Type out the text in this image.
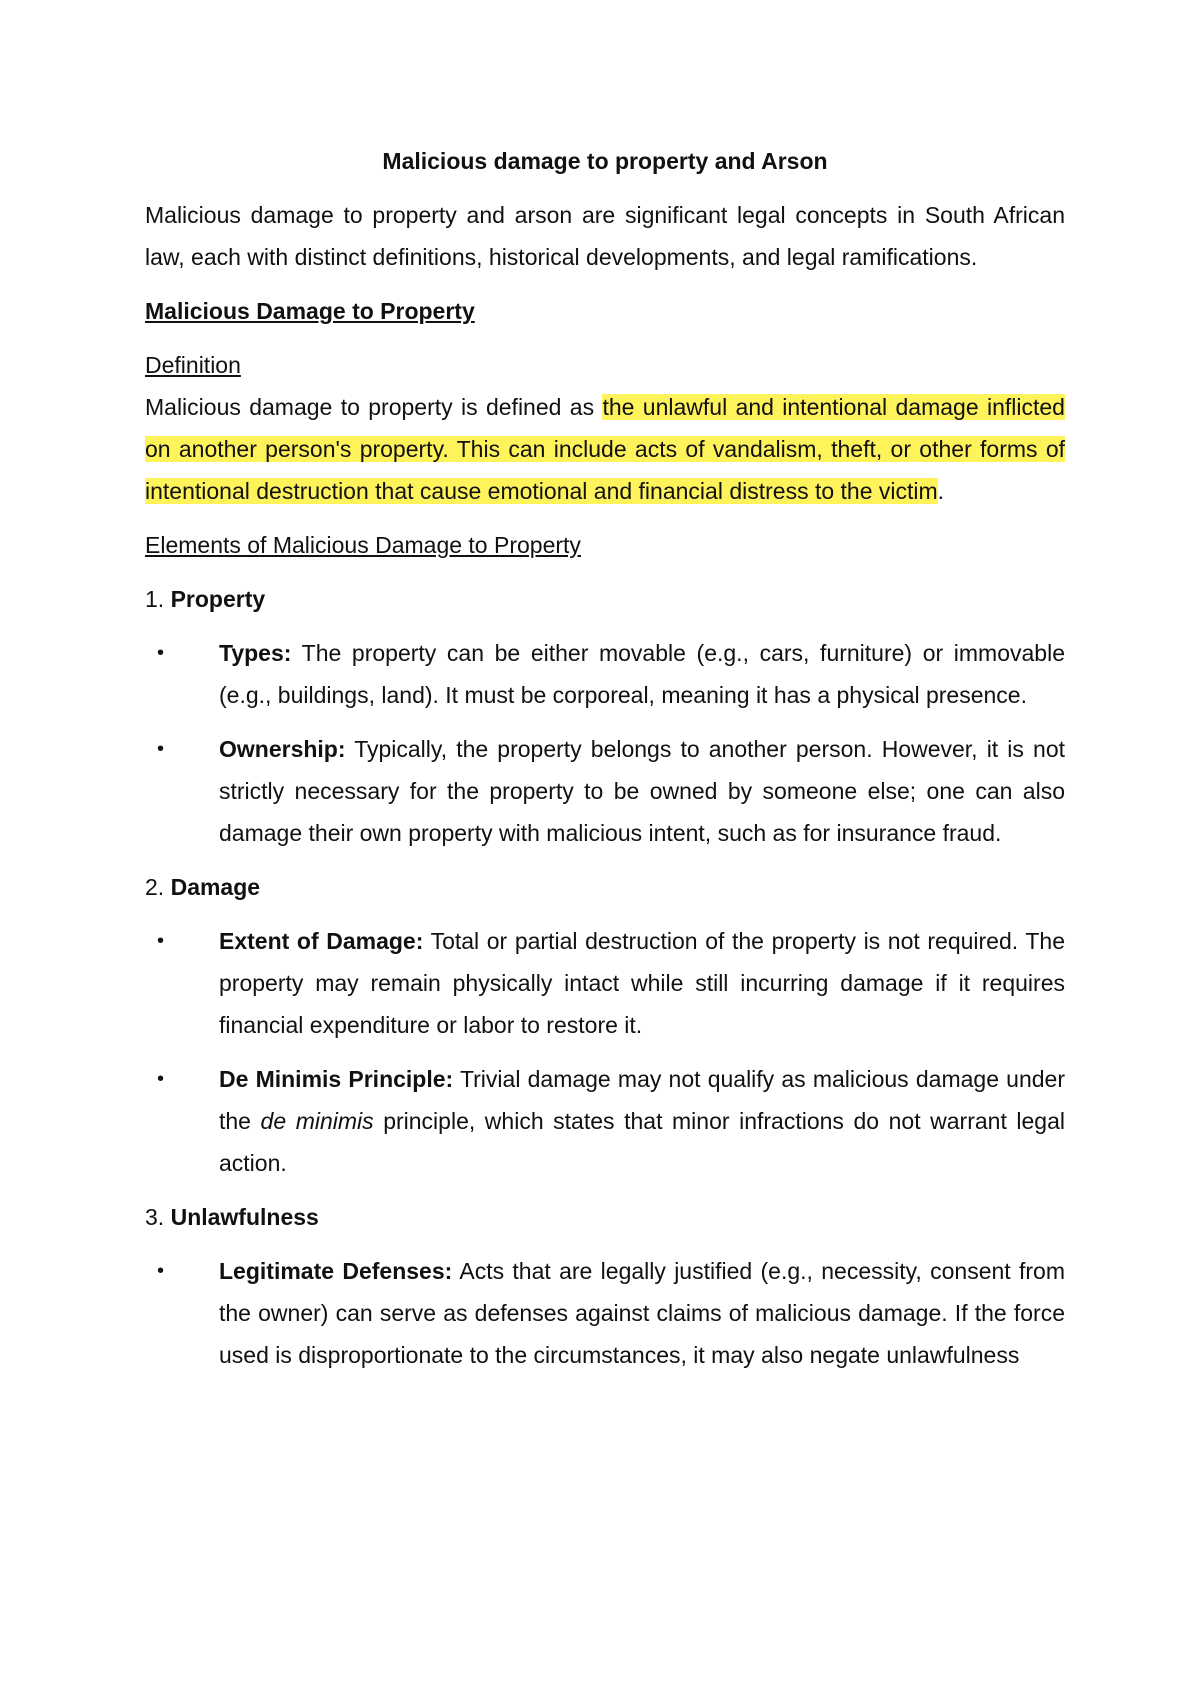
Malicious damage to property and Arson

Malicious damage to property and arson are significant legal concepts in South African law, each with distinct definitions, historical developments, and legal ramifications.

Malicious Damage to Property

Definition

Malicious damage to property is defined as the unlawful and intentional damage inflicted on another person's property. This can include acts of vandalism, theft, or other forms of intentional destruction that cause emotional and financial distress to the victim.

Elements of Malicious Damage to Property

1. Property

• Types: The property can be either movable (e.g., cars, furniture) or immovable (e.g., buildings, land). It must be corporeal, meaning it has a physical presence.
• Ownership: Typically, the property belongs to another person. However, it is not strictly necessary for the property to be owned by someone else; one can also damage their own property with malicious intent, such as for insurance fraud.

2. Damage

• Extent of Damage: Total or partial destruction of the property is not required. The property may remain physically intact while still incurring damage if it requires financial expenditure or labor to restore it.
• De Minimis Principle: Trivial damage may not qualify as malicious damage under the de minimis principle, which states that minor infractions do not warrant legal action.

3. Unlawfulness

• Legitimate Defenses: Acts that are legally justified (e.g., necessity, consent from the owner) can serve as defenses against claims of malicious damage. If the force used is disproportionate to the circumstances, it may also negate unlawfulness
